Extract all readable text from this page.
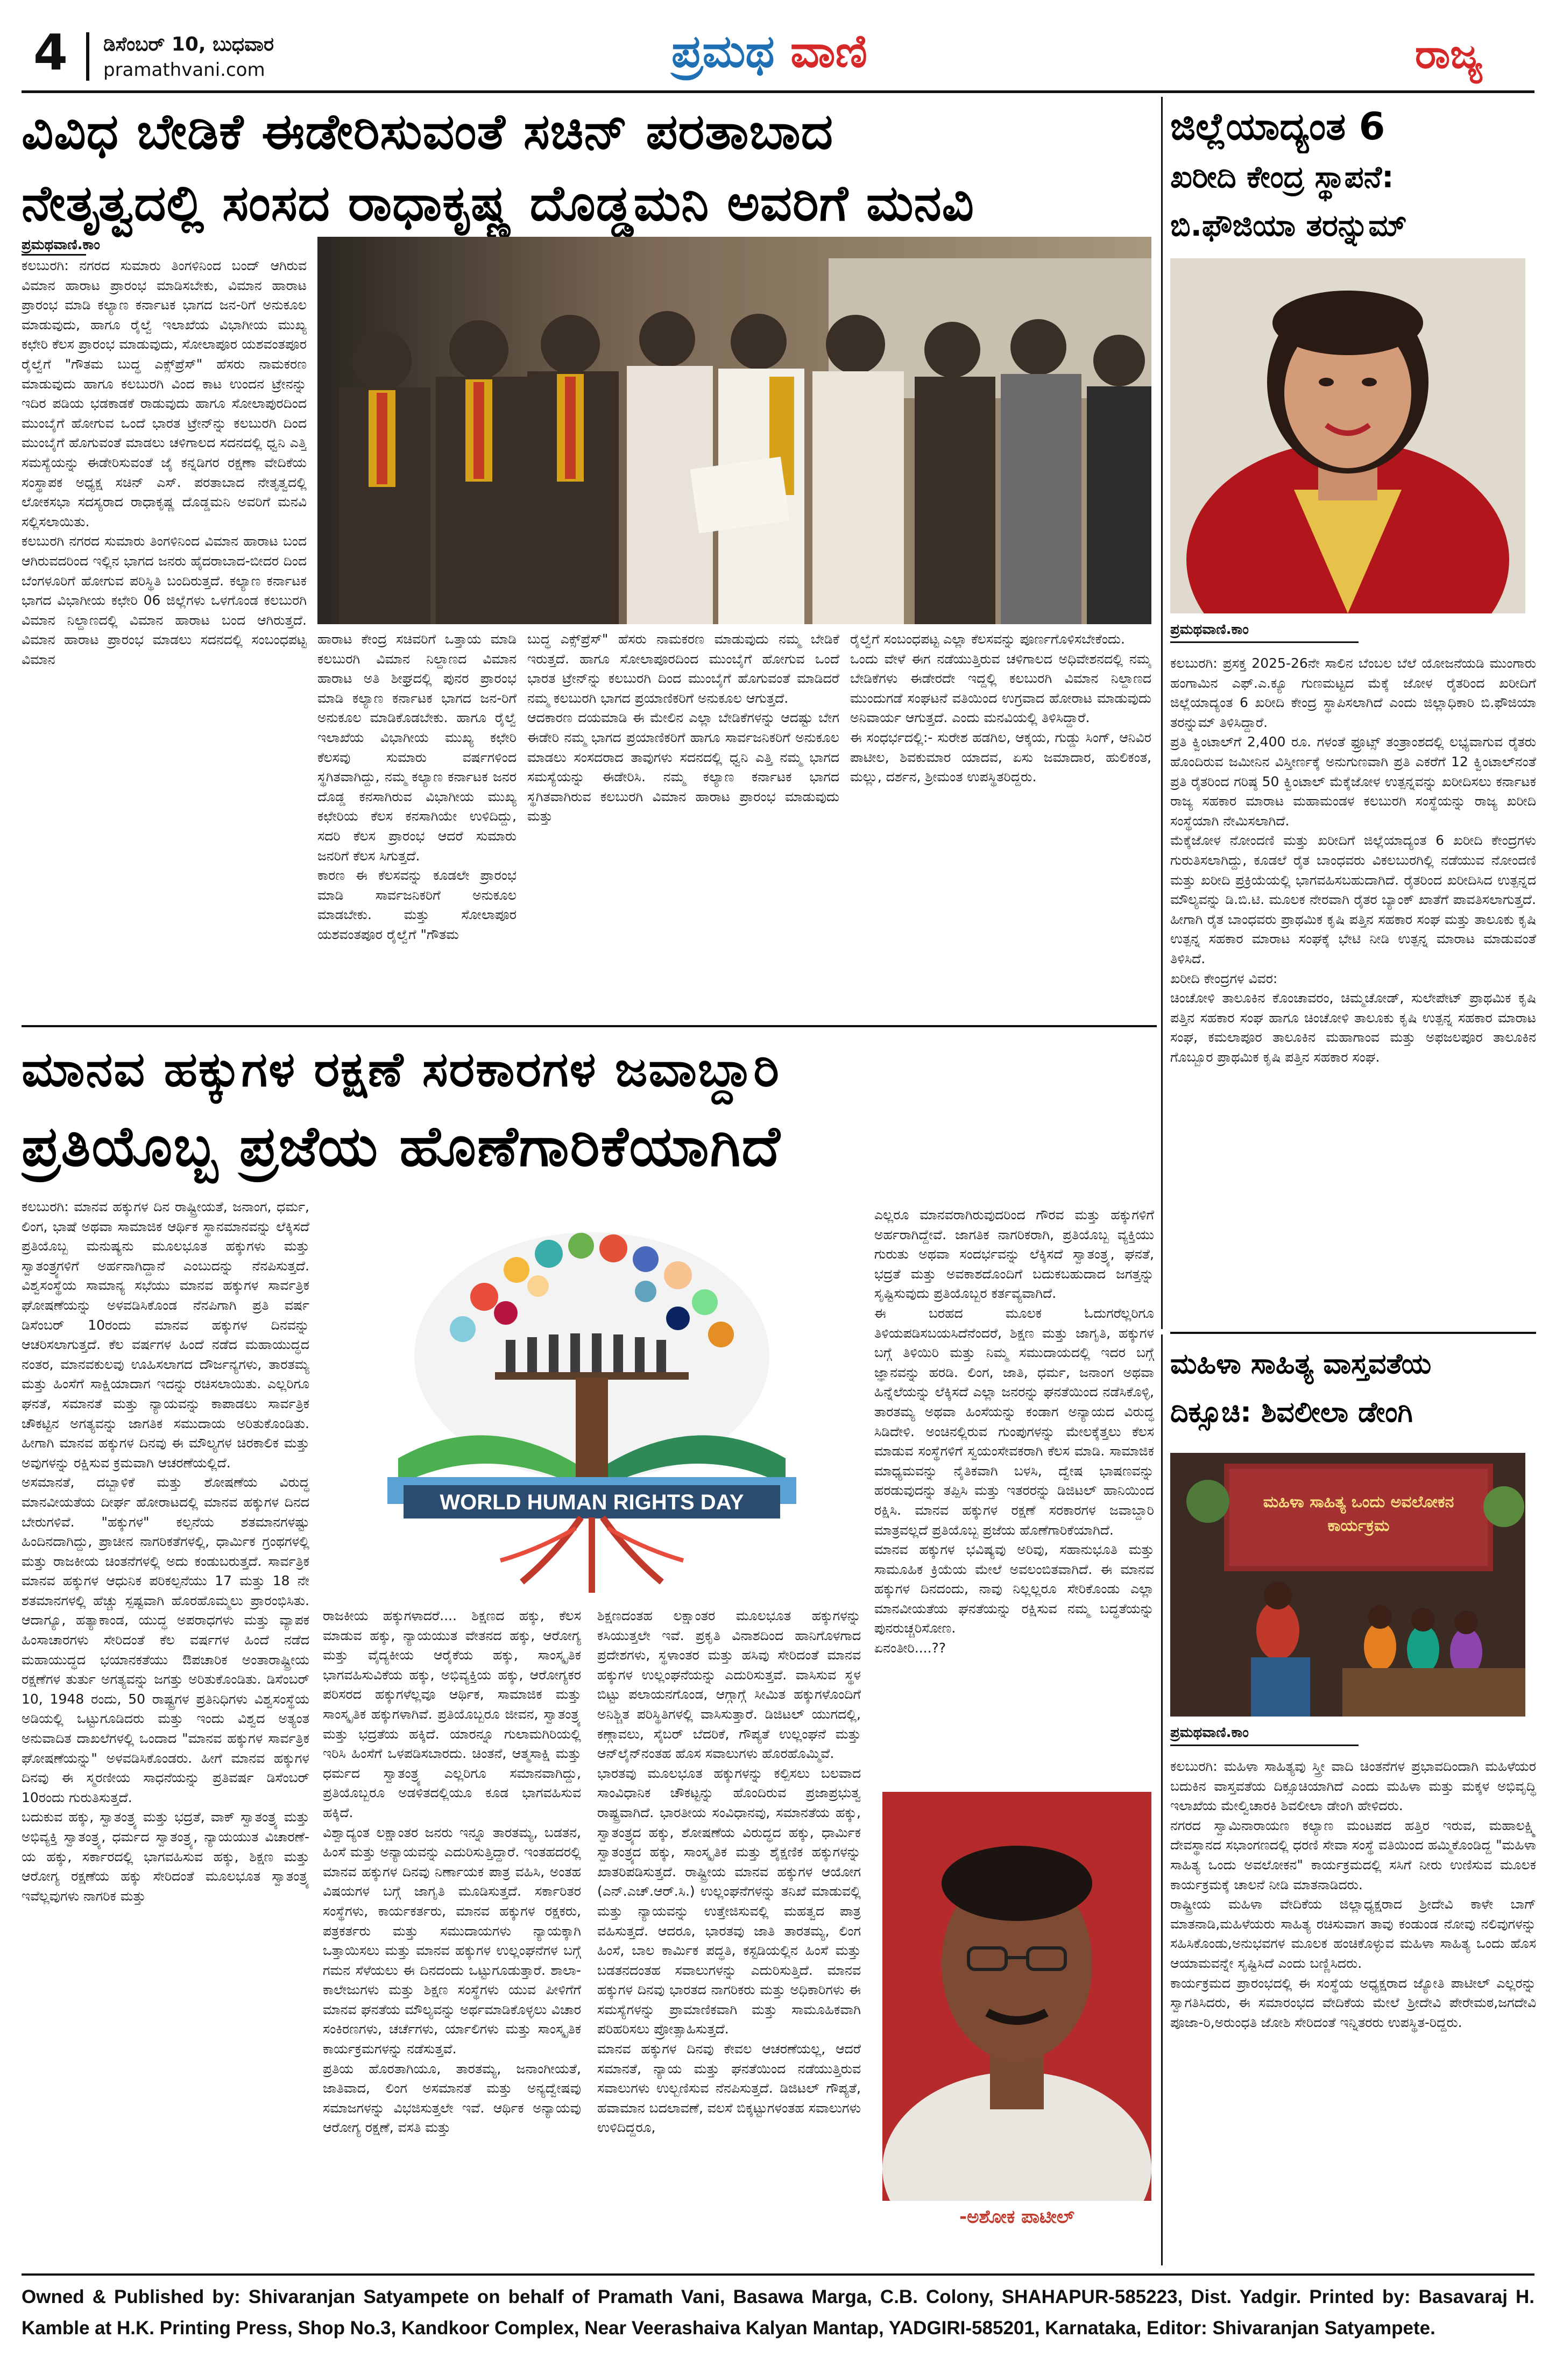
4 ಡಿಸೆಂಬರ್ 10, ಬುಧವಾರ
pramathvani.com	ಪ್ರಮಥ ವಾಣಿ	ರಾಜ್ಯ
ವಿವಿಧ ಬೇಡಿಕೆ ಈಡೇರಿಸುವಂತೆ ಸಚಿನ್ ಪರತಾಬಾದ
ನೇತೃತ್ವದಲ್ಲಿ ಸಂಸದ ರಾಧಾಕೃಷ್ಣ ದೊಡ್ಡಮನಿ ಅವರಿಗೆ ಮನವಿ
ಪ್ರಮಥವಾಣಿ.ಕಾಂ
ಕಲಬುರಗಿ: ನಗರದ ಸುಮಾರು ತಿಂಗಳಿನಿಂದ ಬಂದ್ ಆಗಿರುವ ವಿಮಾನ ಹಾರಾಟ ಪ್ರಾರಂಭ ಮಾಡಿಸಬೇಕು, ವಿಮಾನ ಹಾರಾಟ ಪ್ರಾರಂಭ ಮಾಡಿ ಕಲ್ಯಾಣ ಕರ್ನಾಟಕ ಭಾಗದ ಜನ-ರಿಗೆ ಅನುಕೂಲ ಮಾಡುವುದು, ಹಾಗೂ ರೈಲ್ವೆ ಇಲಾಖೆಯ ವಿಭಾಗೀಯ ಮುಖ್ಯ ಕಛೇರಿ ಕೆಲಸ ಪ್ರಾರಂಭ ಮಾಡುವುದು, ಸೋಲಾಪೂರ ಯಶವಂತಪೂರ ರೈಲ್ವೆಗೆ "ಗೌತಮ ಬುದ್ಧ ಎಕ್ಸ್‌ಪ್ರೆಸ್" ಹೆಸರು ನಾಮಕರಣ ಮಾಡುವುದು ಹಾಗೂ ಕಲಬುರಗಿ ವಿಂದ ಕಾಟ ಉಂದನ ಟ್ರೇನನ್ನು ಇದಿರ ಪಡಿಯ ಭಡಕಾಡಕೆ ರಾಡುವುದು ಹಾಗೂ ಸೋಲಾಪುರದಿಂದ ಮುಂಬೈಗೆ ಹೋಗುವ ಒಂದೆ ಭಾರತ ಟ್ರೇನ್‌ನ್ನು ಕಲಬುರಗಿ ದಿಂದ ಮುಂಬೈಗೆ ಹೊಗುವಂತೆ ಮಾಡಲು ಚಳಿಗಾಲದ ಸದನದಲ್ಲಿ ಧ್ವನಿ ಎತ್ತಿ ಸಮಸ್ಯೆಯನ್ನು ಈಡೇರಿಸುವಂತೆ ಜೈ ಕನ್ನಡಿಗರ ರಕ್ಷಣಾ ವೇದಿಕೆಯ ಸಂಸ್ಥಾಪಕ ಅಧ್ಯಕ್ಷ ಸಚಿನ್ ಎಸ್. ಪರತಾಬಾದ ನೇತೃತ್ವದಲ್ಲಿ ಲೋಕಸಭಾ ಸದಸ್ಯರಾದ ರಾಧಾಕೃಷ್ಣ ದೊಡ್ಡಮನಿ ಅವರಿಗೆ ಮನವಿ ಸಲ್ಲಿಸಲಾಯಿತು.
ಕಲಬುರಗಿ ನಗರದ ಸುಮಾರು ತಿಂಗಳಿನಿಂದ ವಿಮಾನ ಹಾರಾಟ ಬಂದ ಆಗಿರುವದರಿಂದ ಇಲ್ಲಿನ ಭಾಗದ ಜನರು ಹೈದರಾಬಾದ-ಬೀದರ ದಿಂದ ಬೆಂಗಳೂರಿಗೆ ಹೋಗುವ ಪರಿಸ್ಥಿತಿ ಬಂದಿರುತ್ತದೆ. ಕಲ್ಯಾಣ ಕರ್ನಾಟಕ ಭಾಗದ ವಿಭಾಗೀಯ ಕಛೇರಿ 06 ಜಿಲ್ಲೆಗಳು ಒಳಗೊಂಡ ಕಲಬುರಗಿ ವಿಮಾನ ನಿಲ್ದಾಣದಲ್ಲಿ ವಿಮಾನ ಹಾರಾಟ ಬಂದ ಆಗಿರುತ್ತದೆ. ವಿಮಾನ ಹಾರಾಟ ಪ್ರಾರಂಭ ಮಾಡಲು ಸದನದಲ್ಲಿ ಸಂಬಂಧಪಟ್ಟ ವಿಮಾನ
ಹಾರಾಟ ಕೇಂದ್ರ ಸಚಿವರಿಗೆ ಒತ್ತಾಯ ಮಾಡಿ ಕಲಬುರಗಿ ವಿಮಾನ ನಿಲ್ದಾಣದ ವಿಮಾನ ಹಾರಾಟ ಅತಿ ಶೀಘ್ರದಲ್ಲಿ ಪುನರ ಪ್ರಾರಂಭ ಮಾಡಿ ಕಲ್ಯಾಣ ಕರ್ನಾಟಕ ಭಾಗದ ಜನ-ರಿಗೆ ಅನುಕೂಲ ಮಾಡಿಕೊಡಬೇಕು. ಹಾಗೂ ರೈಲ್ವೆ ಇಲಾಖೆಯ ವಿಭಾಗೀಯ ಮುಖ್ಯ ಕಛೇರಿ ಕೆಲಸವು ಸುಮಾರು ವರ್ಷಗಳಿಂದ ಸ್ಥಗಿತವಾಗಿದ್ದು, ನಮ್ಮ ಕಲ್ಯಾಣ ಕರ್ನಾಟಕ ಜನರ ದೊಡ್ಡ ಕನಸಾಗಿರುವ ವಿಭಾಗೀಯ ಮುಖ್ಯ ಕಛೇರಿಯ ಕೆಲಸ ಕನಸಾಗಿಯೇ ಉಳಿದಿದ್ದು, ಸದರಿ ಕೆಲಸ ಪ್ರಾರಂಭ ಆದರೆ ಸುಮಾರು ಜನರಿಗೆ ಕೆಲಸ ಸಿಗುತ್ತದೆ.
ಕಾರಣ ಈ ಕೆಲಸವನ್ನು ಕೂಡಲೇ ಪ್ರಾರಂಭ ಮಾಡಿ ಸಾರ್ವಜನಿಕರಿಗೆ ಅನುಕೂಲ ಮಾಡಬೇಕು. ಮತ್ತು ಸೋಲಾಪೂರ ಯಶವಂತಪೂರ ರೈಲ್ವೆಗೆ "ಗೌತಮ
ಬುದ್ಧ ಎಕ್ಸ್‌ಪ್ರೆಸ್" ಹೆಸರು ನಾಮಕರಣ ಮಾಡುವುದು ನಮ್ಮ ಬೇಡಿಕೆ ಇರುತ್ತದೆ. ಹಾಗೂ ಸೋಲಾಪೂರದಿಂದ ಮುಂಬೈಗೆ ಹೋಗುವ ಒಂದೆ ಭಾರತ ಟ್ರೇನ್‌ನ್ನು ಕಲಬುರಗಿ ದಿಂದ ಮುಂಬೈಗೆ ಹೊಗುವಂತೆ ಮಾಡಿದರೆ ನಮ್ಮ ಕಲಬುರಗಿ ಭಾಗದ ಪ್ರಯಾಣಿಕರಿಗೆ ಅನುಕೂಲ ಆಗುತ್ತದೆ.
ಆದಕಾರಣ ದಯಮಾಡಿ ಈ ಮೇಲಿನ ಎಲ್ಲಾ ಬೇಡಿಕೆಗಳನ್ನು ಆದಷ್ಟು ಬೇಗ ಈಡೇರಿ ನಮ್ಮ ಭಾಗದ ಪ್ರಯಾಣಿಕರಿಗೆ ಹಾಗೂ ಸಾರ್ವಜನಿಕರಿಗೆ ಅನುಕೂಲ ಮಾಡಲು ಸಂಸದರಾದ ತಾವುಗಳು ಸದನದಲ್ಲಿ ಧ್ವನಿ ಎತ್ತಿ ನಮ್ಮ ಭಾಗದ ಸಮಸ್ಯೆಯನ್ನು ಈಡೇರಿಸಿ. ನಮ್ಮ ಕಲ್ಯಾಣ ಕರ್ನಾಟಕ ಭಾಗದ ಸ್ಥಗಿತವಾಗಿರುವ ಕಲಬುರಗಿ ವಿಮಾನ ಹಾರಾಟ ಪ್ರಾರಂಭ ಮಾಡುವುದು ಮತ್ತು
ರೈಲ್ವೆಗೆ ಸಂಬಂಧಪಟ್ಟ ಎಲ್ಲಾ ಕೆಲಸವನ್ನು ಪೂರ್ಣಗೊಳಿಸಬೇಕೆಂದು.
ಒಂದು ವೇಳೆ ಈಗ ನಡೆಯುತ್ತಿರುವ ಚಳಿಗಾಲದ ಅಧಿವೇಶನದಲ್ಲಿ ನಮ್ಮ ಬೇಡಿಕೆಗಳು ಈಡೇರದೇ ಇದ್ದಲ್ಲಿ ಕಲಬುರಗಿ ವಿಮಾನ ನಿಲ್ದಾಣದ ಮುಂದುಗಡೆ ಸಂಘಟನೆ ವತಿಯಿಂದ ಉಗ್ರವಾದ ಹೋರಾಟ ಮಾಡುವುದು ಅನಿವಾರ್ಯ ಆಗುತ್ತದೆ. ಎಂದು ಮನವಿಯಲ್ಲಿ ತಿಳಿಸಿದ್ದಾರೆ.
ಈ ಸಂಧರ್ಭದಲ್ಲಿ:- ಸುರೇಶ ಹಡಗಿಲ, ಆಕ್ಕಯ, ಗುಡ್ಡು ಸಿಂಗ್, ಆನಿವಿರ ಪಾಟೀಲ, ಶಿವಕುಮಾರ ಯಾದವ, ಏಸು ಜಮಾದಾರ, ಹುಲಿಕಂತ, ಮಲ್ಲು, ದರ್ಶನ, ಶ್ರೀಮಂತ ಉಪಸ್ಥಿತರಿದ್ದರು.
ಜಿಲ್ಲೆಯಾದ್ಯಂತ 6
ಖರೀದಿ ಕೇಂದ್ರ ಸ್ಥಾಪನೆ:
ಬಿ.ಫೌಜಿಯಾ ತರನ್ನುಮ್
ಪ್ರಮಥವಾಣಿ.ಕಾಂ
ಕಲಬುರಗಿ: ಪ್ರಸಕ್ತ 2025-26ನೇ ಸಾಲಿನ ಬೆಂಬಲ ಬೆಲೆ ಯೋಜನೆಯಡಿ ಮುಂಗಾರು ಹಂಗಾಮಿನ ಎಫ್.ಎ.ಕ್ಯೂ ಗುಣಮಟ್ಟದ ಮೆಕ್ಕೆ ಜೋಳ ರೈತರಿಂದ ಖರೀದಿಗೆ ಜಿಲ್ಲೆಯಾದ್ಯಂತ 6 ಖರೀದಿ ಕೇಂದ್ರ ಸ್ಥಾಪಿಸಲಾಗಿದೆ ಎಂದು ಜಿಲ್ಲಾಧಿಕಾರಿ ಬಿ.ಫೌಜಿಯಾ ತರನ್ನುಮ್ ತಿಳಿಸಿದ್ದಾರೆ.
ಪ್ರತಿ ಕ್ವಿಂಟಾಲ್‌ಗೆ 2,400 ರೂ. ಗಳಂತೆ ಫ್ರೂಟ್ಸ್ ತಂತ್ರಾಂಶದಲ್ಲಿ ಲಭ್ಯವಾಗುವ ರೈತರು ಹೊಂದಿರುವ ಜಮೀನಿನ ವಿಸ್ತೀರ್ಣಕ್ಕೆ ಅನುಗುಣವಾಗಿ ಪ್ರತಿ ಎಕರೆಗೆ 12 ಕ್ವಿಂಟಾಲ್‌ನಂತೆ ಪ್ರತಿ ರೈತರಿಂದ ಗರಿಷ್ಠ 50 ಕ್ವಿಂಟಾಲ್ ಮೆಕ್ಕೆಜೋಳ ಉತ್ಪನ್ನವನ್ನು ಖರೀದಿಸಲು ಕರ್ನಾಟಕ ರಾಜ್ಯ ಸಹಕಾರ ಮಾರಾಟ ಮಹಾಮಂಡಳ ಕಲಬುರಗಿ ಸಂಸ್ಥೆಯನ್ನು ರಾಜ್ಯ ಖರೀದಿ ಸಂಸ್ಥೆಯಾಗಿ ನೇಮಿಸಲಾಗಿದೆ.
ಮೆಕ್ಕೆಜೋಳ ನೋಂದಣಿ ಮತ್ತು ಖರೀದಿಗೆ ಜಿಲ್ಲೆಯಾದ್ಯಂತ 6 ಖರೀದಿ ಕೇಂದ್ರಗಳು ಗುರುತಿಸಲಾಗಿದ್ದು, ಕೂಡಲೆ ರೈತ ಬಾಂಧವರು ವಿಕಲಬುರಗಿಲ್ಲಿ ನಡೆಯುವ ನೋಂದಣಿ ಮತ್ತು ಖರೀದಿ ಪ್ರಕ್ರಿಯೆಯಲ್ಲಿ ಭಾಗವಹಿಸಬಹುದಾಗಿದೆ. ರೈತರಿಂದ ಖರೀದಿಸಿದ ಉತ್ಪನ್ನದ ಮೌಲ್ಯವನ್ನು ಡಿ.ಬಿ.ಟಿ. ಮೂಲಕ ನೇರವಾಗಿ ರೈತರ ಬ್ಯಾಂಕ್ ಖಾತೆಗೆ ಪಾವತಿಸಲಾಗುತ್ತದೆ. ಹೀಗಾಗಿ ರೈತ ಬಾಂಧವರು ಪ್ರಾಥಮಿಕ ಕೃಷಿ ಪತ್ತಿನ ಸಹಕಾರ ಸಂಘ ಮತ್ತು ತಾಲೂಕು ಕೃಷಿ ಉತ್ಪನ್ನ ಸಹಕಾರ ಮಾರಾಟ ಸಂಘಕ್ಕೆ ಭೇಟಿ ನೀಡಿ ಉತ್ಪನ್ನ ಮಾರಾಟ ಮಾಡುವಂತೆ ತಿಳಿಸಿದೆ.
ಖರೀದಿ ಕೇಂದ್ರಗಳ ವಿವರ:
ಚಿಂಚೋಳಿ ತಾಲೂಕಿನ ಕೊಂಚಾವರಂ, ಚಿಮ್ಮಚೋಡ್, ಸುಲೇಪೇಟ್ ಪ್ರಾಥಮಿಕ ಕೃಷಿ ಪತ್ತಿನ ಸಹಕಾರ ಸಂಘ ಹಾಗೂ ಚಿಂಚೋಳಿ ತಾಲೂಕು ಕೃಷಿ ಉತ್ಪನ್ನ ಸಹಕಾರ ಮಾರಾಟ ಸಂಘ, ಕಮಲಾಪೂರ ತಾಲೂಕಿನ ಮಹಾಗಾಂವ ಮತ್ತು ಅಫಜಲಪೂರ ತಾಲೂಕಿನ ಗೊಬ್ಬೂರ ಪ್ರಾಥಮಿಕ ಕೃಷಿ ಪತ್ತಿನ ಸಹಕಾರ ಸಂಘ.
ಮಾನವ ಹಕ್ಕುಗಳ ರಕ್ಷಣೆ ಸರಕಾರಗಳ ಜವಾಬ್ದಾರಿ
ಪ್ರತಿಯೊಬ್ಬ ಪ್ರಜೆಯ ಹೊಣೆಗಾರಿಕೆಯಾಗಿದೆ
ಕಲಬುರಗಿ: ಮಾನವ ಹಕ್ಕುಗಳ ದಿನ ರಾಷ್ಟ್ರೀಯತೆ, ಜನಾಂಗ, ಧರ್ಮ, ಲಿಂಗ, ಭಾಷೆ ಅಥವಾ ಸಾಮಾಜಿಕ ಆರ್ಥಿಕ ಸ್ಥಾನಮಾನವನ್ನು ಲೆಕ್ಕಿಸದೆ ಪ್ರತಿಯೊಬ್ಬ ಮನುಷ್ಯನು ಮೂಲಭೂತ ಹಕ್ಕುಗಳು ಮತ್ತು ಸ್ವಾತಂತ್ರ್ಯಗಳಿಗೆ ಅರ್ಹನಾಗಿದ್ದಾನೆ ಎಂಬುದನ್ನು ನೆನಪಿಸುತ್ತದೆ. ವಿಶ್ವಸಂಸ್ಥೆಯ ಸಾಮಾನ್ಯ ಸಭೆಯು ಮಾನವ ಹಕ್ಕುಗಳ ಸಾರ್ವತ್ರಿಕ ಘೋಷಣೆಯನ್ನು ಅಳವಡಿಸಿಕೊಂಡ ನೆನಪಿಗಾಗಿ ಪ್ರತಿ ವರ್ಷ ಡಿಸೆಂಬರ್ 10ರಂದು ಮಾನವ ಹಕ್ಕುಗಳ ದಿನವನ್ನು ಆಚರಿಸಲಾಗುತ್ತದೆ. ಕೆಲ ವರ್ಷಗಳ ಹಿಂದೆ ನಡೆದ ಮಹಾಯುದ್ಧದ ನಂತರ, ಮಾನವಕುಲವು ಊಹಿಸಲಾಗದ ದೌರ್ಜನ್ಯಗಳು, ತಾರತಮ್ಯ ಮತ್ತು ಹಿಂಸೆಗೆ ಸಾಕ್ಷಿಯಾದಾಗ ಇದನ್ನು ರಚಿಸಲಾಯಿತು. ಎಲ್ಲರಿಗೂ ಘನತೆ, ಸಮಾನತೆ ಮತ್ತು ನ್ಯಾಯವನ್ನು ಕಾಪಾಡಲು ಸಾರ್ವತ್ರಿಕ ಚೌಕಟ್ಟಿನ ಅಗತ್ಯವನ್ನು ಜಾಗತಿಕ ಸಮುದಾಯ ಅರಿತುಕೊಂಡಿತು. ಹೀಗಾಗಿ ಮಾನವ ಹಕ್ಕುಗಳ ದಿನವು ಈ ಮೌಲ್ಯಗಳ ಚಿರಕಾಲಿಕ ಮತ್ತು ಅವುಗಳನ್ನು ರಕ್ಷಿಸುವ ಕ್ರಮವಾಗಿ ಆಚರಣೆಯಲ್ಲಿದೆ.
ಅಸಮಾನತೆ, ದಬ್ಬಾಳಿಕೆ ಮತ್ತು ಶೋಷಣೆಯ ವಿರುದ್ಧ ಮಾನವೀಯತೆಯ ದೀರ್ಘ ಹೋರಾಟದಲ್ಲಿ ಮಾನವ ಹಕ್ಕುಗಳ ದಿನದ ಬೇರುಗಳಿವೆ. "ಹಕ್ಕುಗಳ" ಕಲ್ಪನೆಯ ಶತಮಾನಗಳಷ್ಟು ಹಿಂದಿನದಾಗಿದ್ದು, ಪ್ರಾಚೀನ ನಾಗರಿಕತೆಗಳಲ್ಲಿ, ಧಾರ್ಮಿಕ ಗ್ರಂಥಗಳಲ್ಲಿ ಮತ್ತು ರಾಜಕೀಯ ಚಿಂತನೆಗಳಲ್ಲಿ ಅದು ಕಂಡುಬರುತ್ತದೆ. ಸಾರ್ವತ್ರಿಕ ಮಾನವ ಹಕ್ಕುಗಳ ಆಧುನಿಕ ಪರಿಕಲ್ಪನೆಯು 17 ಮತ್ತು 18 ನೇ ಶತಮಾನಗಳಲ್ಲಿ ಹೆಚ್ಚು ಸ್ಪಷ್ಟವಾಗಿ ಹೊರಹೊಮ್ಮಲು ಪ್ರಾರಂಭಿಸಿತು. ಆದಾಗ್ಯೂ, ಹತ್ಯಾಕಾಂಡ, ಯುದ್ಧ ಅಪರಾಧಗಳು ಮತ್ತು ವ್ಯಾಪಕ ಹಿಂಸಾಚಾರಗಳು ಸೇರಿದಂತೆ ಕೆಲ ವರ್ಷಗಳ ಹಿಂದೆ ನಡೆದ ಮಹಾಯುದ್ಧದ ಭಯಾನಕತೆಯು ಔಪಚಾರಿಕ ಅಂತಾರಾಷ್ಟ್ರೀಯ ರಕ್ಷಣೆಗಳ ತುರ್ತು ಅಗತ್ಯವನ್ನು ಜಗತ್ತು ಅರಿತುಕೊಂಡಿತು. ಡಿಸೆಂಬರ್ 10, 1948 ರಂದು, 50 ರಾಷ್ಟ್ರಗಳ ಪ್ರತಿನಿಧಿಗಳು ವಿಶ್ವಸಂಸ್ಥೆಯ ಅಡಿಯಲ್ಲಿ ಒಟ್ಟುಗೂಡಿದರು ಮತ್ತು ಇಂದು ವಿಶ್ವದ ಅತ್ಯಂತ ಅನುವಾದಿತ ದಾಖಲೆಗಳಲ್ಲಿ ಒಂದಾದ "ಮಾನವ ಹಕ್ಕುಗಳ ಸಾರ್ವತ್ರಿಕ ಘೋಷಣೆಯನ್ನು" ಅಳವಡಿಸಿಕೊಂಡರು. ಹೀಗೆ ಮಾನವ ಹಕ್ಕುಗಳ ದಿನವು ಈ ಸ್ಮರಣೀಯ ಸಾಧನೆಯನ್ನು ಪ್ರತಿವರ್ಷ ಡಿಸೆಂಬರ್ 10ರಂದು ಗುರುತಿಸುತ್ತದೆ.
ಬದುಕುವ ಹಕ್ಕು, ಸ್ವಾತಂತ್ರ್ಯ ಮತ್ತು ಭದ್ರತೆ, ವಾಕ್ ಸ್ವಾತಂತ್ರ್ಯ ಮತ್ತು ಅಭಿವ್ಯಕ್ತಿ ಸ್ವಾತಂತ್ರ್ಯ, ಧರ್ಮದ ಸ್ವಾತಂತ್ರ್ಯ, ನ್ಯಾಯಯುತ ವಿಚಾರಣೆ-ಯ ಹಕ್ಕು, ಸರ್ಕಾರದಲ್ಲಿ ಭಾಗವಹಿಸುವ ಹಕ್ಕು, ಶಿಕ್ಷಣ ಮತ್ತು ಆರೋಗ್ಯ ರಕ್ಷಣೆಯ ಹಕ್ಕು ಸೇರಿದಂತೆ ಮೂಲಭೂತ ಸ್ವಾತಂತ್ರ್ಯ ಇವೆಲ್ಲವುಗಳು ನಾಗರಿಕ ಮತ್ತು
WORLD HUMAN RIGHTS DAY
ರಾಜಕೀಯ ಹಕ್ಕುಗಳಾದರೆ.... ಶಿಕ್ಷಣದ ಹಕ್ಕು, ಕೆಲಸ ಮಾಡುವ ಹಕ್ಕು, ನ್ಯಾಯಯುತ ವೇತನದ ಹಕ್ಕು, ಆರೋಗ್ಯ ಮತ್ತು ವೈದ್ಯಕೀಯ ಆರೈಕೆಯ ಹಕ್ಕು, ಸಾಂಸ್ಕೃತಿಕ ಭಾಗವಹಿಸುವಿಕೆಯ ಹಕ್ಕು, ಅಭಿವ್ಯಕ್ತಿಯ ಹಕ್ಕು, ಆರೋಗ್ಯಕರ ಪರಿಸರದ ಹಕ್ಕುಗಳೆಲ್ಲವೂ ಆರ್ಥಿಕ, ಸಾಮಾಜಿಕ ಮತ್ತು ಸಾಂಸ್ಕೃತಿಕ ಹಕ್ಕುಗಳಾಗಿವೆ. ಪ್ರತಿಯೊಬ್ಬರೂ ಜೀವನ, ಸ್ವಾತಂತ್ರ್ಯ ಮತ್ತು ಭದ್ರತೆಯ ಹಕ್ಕಿದೆ. ಯಾರನ್ನೂ ಗುಲಾಮಗಿರಿಯಲ್ಲಿ ಇರಿಸಿ ಹಿಂಸೆಗೆ ಒಳಪಡಿಸಬಾರದು. ಚಿಂತನೆ, ಆತ್ಮಸಾಕ್ಷಿ ಮತ್ತು ಧರ್ಮದ ಸ್ವಾತಂತ್ರ್ಯ ಎಲ್ಲರಿಗೂ ಸಮಾನವಾಗಿದ್ದು, ಪ್ರತಿಯೊಬ್ಬರೂ ಅಡಳಿತದಲ್ಲಿಯೂ ಕೂಡ ಭಾಗವಹಿಸುವ ಹಕ್ಕಿದೆ.
ವಿಶ್ವಾದ್ಯಂತ ಲಕ್ಷಾಂತರ ಜನರು ಇನ್ನೂ ತಾರತಮ್ಯ, ಬಡತನ, ಹಿಂಸೆ ಮತ್ತು ಅನ್ಯಾಯವನ್ನು ಎದುರಿಸುತ್ತಿದ್ದಾರೆ. ಇಂತಹದರಲ್ಲಿ ಮಾನವ ಹಕ್ಕುಗಳ ದಿನವು ನಿರ್ಣಾಯಕ ಪಾತ್ರ ವಹಿಸಿ, ಅಂತಹ ವಿಷಯಗಳ ಬಗ್ಗೆ ಜಾಗೃತಿ ಮೂಡಿಸುತ್ತದೆ. ಸರ್ಕಾರಿತರ ಸಂಸ್ಥೆಗಳು, ಕಾರ್ಯಕರ್ತರು, ಮಾನವ ಹಕ್ಕುಗಳ ರಕ್ಷಕರು, ಪತ್ರಕರ್ತರು ಮತ್ತು ಸಮುದಾಯಗಳು ನ್ಯಾಯಕ್ಕಾಗಿ ಒತ್ತಾಯಿಸಲು ಮತ್ತು ಮಾನವ ಹಕ್ಕುಗಳ ಉಲ್ಲಂಘನೆಗಳ ಬಗ್ಗೆ ಗಮನ ಸೆಳೆಯಲು ಈ ದಿನದಂದು ಒಟ್ಟುಗೂಡುತ್ತಾರೆ. ಶಾಲಾ-ಕಾಲೇಜುಗಳು ಮತ್ತು ಶಿಕ್ಷಣ ಸಂಸ್ಥೆಗಳು ಯುವ ಪೀಳಿಗೆಗೆ ಮಾನವ ಘನತೆಯ ಮೌಲ್ಯವನ್ನು ಅರ್ಥಮಾಡಿಕೊಳ್ಳಲು ವಿಚಾರ ಸಂಕಿರಣಗಳು, ಚರ್ಚೆಗಳು, ರ್ಯಾಲಿಗಳು ಮತ್ತು ಸಾಂಸ್ಕೃತಿಕ ಕಾರ್ಯಕ್ರಮಗಳನ್ನು ನಡೆಸುತ್ತವೆ.
ಪ್ರತಿಯ ಹೊರತಾಗಿಯೂ, ತಾರತಮ್ಯ, ಜನಾಂಗೀಯತೆ, ಜಾತಿವಾದ, ಲಿಂಗ ಅಸಮಾನತೆ ಮತ್ತು ಅನ್ಯದ್ವೇಷವು ಸಮಾಜಗಳನ್ನು ವಿಭಜಿಸುತ್ತಲೇ ಇವೆ. ಆರ್ಥಿಕ ಅನ್ಯಾಯವು ಆರೋಗ್ಯ ರಕ್ಷಣೆ, ವಸತಿ ಮತ್ತು
ಶಿಕ್ಷಣದಂತಹ ಲಕ್ಷಾಂತರ ಮೂಲಭೂತ ಹಕ್ಕುಗಳನ್ನು ಕಸಿಯುತ್ತಲೇ ಇವೆ. ಪ್ರಕೃತಿ ವಿನಾಶದಿಂದ ಹಾನಿಗೊಳಗಾದ ಪ್ರದೇಶಗಳು, ಸ್ಥಳಾಂತರ ಮತ್ತು ಹಸಿವು ಸೇರಿದಂತೆ ಮಾನವ ಹಕ್ಕುಗಳ ಉಲ್ಲಂಘನೆಯನ್ನು ಎದುರಿಸುತ್ತವೆ. ವಾಸಿಸುವ ಸ್ಥಳ ಬಿಟ್ಟು ಪಲಾಯನಗೊಂಡ, ಆಗ್ಗಾಗ್ಗೆ ಸೀಮಿತ ಹಕ್ಕುಗಳೊಂದಿಗೆ ಅನಿಶ್ಚಿತ ಪರಿಸ್ಥಿತಿಗಳಲ್ಲಿ ವಾಸಿಸುತ್ತಾರೆ. ಡಿಜಿಟಲ್ ಯುಗದಲ್ಲಿ, ಕಣ್ಗಾವಲು, ಸೈಬರ್ ಬೆದರಿಕೆ, ಗೌಪ್ಯತೆ ಉಲ್ಲಂಘನೆ ಮತ್ತು ಆನ್‌ಲೈನ್‌ನಂತಹ ಹೊಸ ಸವಾಲುಗಳು ಹೊರಹೊಮ್ಮಿವೆ.
ಭಾರತವು ಮೂಲಭೂತ ಹಕ್ಕುಗಳನ್ನು ಕಲ್ಪಿಸಲು ಬಲವಾದ ಸಾಂವಿಧಾನಿಕ ಚೌಕಟ್ಟನ್ನು ಹೊಂದಿರುವ ಪ್ರಜಾಪ್ರಭುತ್ವ ರಾಷ್ಟ್ರವಾಗಿದೆ. ಭಾರತೀಯ ಸಂವಿಧಾನವು, ಸಮಾನತೆಯ ಹಕ್ಕು, ಸ್ವಾತಂತ್ರ್ಯದ ಹಕ್ಕು, ಶೋಷಣೆಯ ವಿರುದ್ಧದ ಹಕ್ಕು, ಧಾರ್ಮಿಕ ಸ್ವಾತಂತ್ರ್ಯದ ಹಕ್ಕು, ಸಾಂಸ್ಕೃತಿಕ ಮತ್ತು ಶೈಕ್ಷಣಿಕ ಹಕ್ಕುಗಳನ್ನು ಖಾತರಿಪಡಿಸುತ್ತದೆ. ರಾಷ್ಟ್ರೀಯ ಮಾನವ ಹಕ್ಕುಗಳ ಆಯೋಗ (ಎನ್.ಎಚ್.ಆರ್.ಸಿ.) ಉಲ್ಲಂಘನೆಗಳನ್ನು ತನಿಖೆ ಮಾಡುವಲ್ಲಿ ಮತ್ತು ನ್ಯಾಯವನ್ನು ಉತ್ತೇಜಿಸುವಲ್ಲಿ ಮಹತ್ವದ ಪಾತ್ರ ವಹಿಸುತ್ತದೆ. ಆದರೂ, ಭಾರತವು ಜಾತಿ ತಾರತಮ್ಯ, ಲಿಂಗ ಹಿಂಸೆ, ಬಾಲ ಕಾರ್ಮಿಕ ಪದ್ಧತಿ, ಕಸ್ಟಡಿಯಲ್ಲಿನ ಹಿಂಸೆ ಮತ್ತು ಬಡತನದಂತಹ ಸವಾಲುಗಳನ್ನು ಎದುರಿಸುತ್ತಿದೆ. ಮಾನವ ಹಕ್ಕುಗಳ ದಿನವು ಭಾರತದ ನಾಗರಿಕರು ಮತ್ತು ಅಧಿಕಾರಿಗಳು ಈ ಸಮಸ್ಯೆಗಳನ್ನು ಪ್ರಾಮಾಣಿಕವಾಗಿ ಮತ್ತು ಸಾಮೂಹಿಕವಾಗಿ ಪರಿಹರಿಸಲು ಪ್ರೋತ್ಸಾಹಿಸುತ್ತದೆ.
ಮಾನವ ಹಕ್ಕುಗಳ ದಿನವು ಕೇವಲ ಆಚರಣೆಯಲ್ಲ, ಆದರೆ ಸಮಾನತೆ, ನ್ಯಾಯ ಮತ್ತು ಘನತೆಯಿಂದ ನಡೆಯುತ್ತಿರುವ ಸವಾಲುಗಳು ಉಲ್ಬಣಿಸುವ ನೆನಪಿಸುತ್ತದೆ. ಡಿಜಿಟಲ್ ಗೌಪ್ಯತೆ, ಹವಾಮಾನ ಬದಲಾವಣೆ, ವಲಸೆ ಬಿಕ್ಕಟ್ಟುಗಳಂತಹ ಸವಾಲುಗಳು ಉಳಿದಿದ್ದರೂ,
ಎಲ್ಲರೂ ಮಾನವರಾಗಿರುವುದರಿಂದ ಗೌರವ ಮತ್ತು ಹಕ್ಕುಗಳಿಗೆ ಅರ್ಹರಾಗಿದ್ದೇವೆ. ಜಾಗತಿಕ ನಾಗರಿಕರಾಗಿ, ಪ್ರತಿಯೊಬ್ಬ ವ್ಯಕ್ತಿಯು ಗುರುತು ಅಥವಾ ಸಂದರ್ಭವನ್ನು ಲೆಕ್ಕಿಸದೆ ಸ್ವಾತಂತ್ರ್ಯ, ಘನತೆ, ಭದ್ರತೆ ಮತ್ತು ಅವಕಾಶದೊಂದಿಗೆ ಬದುಕಬಹುದಾದ ಜಗತ್ತನ್ನು ಸೃಷ್ಟಿಸುವುದು ಪ್ರತಿಯೊಬ್ಬರ ಕರ್ತವ್ಯವಾಗಿದೆ.
ಈ ಬರಹದ ಮೂಲಕ ಓದುಗರೆಲ್ಲರಿಗೂ ತಿಳಿಯಪಡಿಸಬಯಸಿದೆನೆಂದರೆ, ಶಿಕ್ಷಣ ಮತ್ತು ಜಾಗೃತಿ, ಹಕ್ಕುಗಳ ಬಗ್ಗೆ ತಿಳಿಯಿರಿ ಮತ್ತು ನಿಮ್ಮ ಸಮುದಾಯದಲ್ಲಿ ಇದರ ಬಗ್ಗೆ ಜ್ಞಾನವನ್ನು ಹರಡಿ. ಲಿಂಗ, ಜಾತಿ, ಧರ್ಮ, ಜನಾಂಗ ಅಥವಾ ಹಿನ್ನೆಲೆಯನ್ನು ಲೆಕ್ಕಿಸದೆ ಎಲ್ಲಾ ಜನರನ್ನು ಘನತೆಯಿಂದ ನಡೆಸಿಕೊಳ್ಳಿ, ತಾರತಮ್ಯ ಅಥವಾ ಹಿಂಸೆಯನ್ನು ಕಂಡಾಗ ಅನ್ಯಾಯದ ವಿರುದ್ಧ ಸಿಡಿದೇಳಿ. ಅಂಚಿನಲ್ಲಿರುವ ಗುಂಪುಗಳನ್ನು ಮೇಲಕ್ಕೆತ್ತಲು ಕೆಲಸ ಮಾಡುವ ಸಂಸ್ಥೆಗಳಿಗೆ ಸ್ವಯಂಸೇವಕರಾಗಿ ಕೆಲಸ ಮಾಡಿ. ಸಾಮಾಜಿಕ ಮಾಧ್ಯಮವನ್ನು ನೈತಿಕವಾಗಿ ಬಳಸಿ, ದ್ವೇಷ ಭಾಷಣವನ್ನು ಹರಡುವುದನ್ನು ತಪ್ಪಿಸಿ ಮತ್ತು ಇತರರನ್ನು ಡಿಜಿಟಲ್ ಹಾನಿಯಿಂದ ರಕ್ಷಿಸಿ. ಮಾನವ ಹಕ್ಕುಗಳ ರಕ್ಷಣೆ ಸರಕಾರಗಳ ಜವಾಬ್ದಾರಿ ಮಾತ್ರವಲ್ಲದೆ ಪ್ರತಿಯೊಬ್ಬ ಪ್ರಜೆಯ ಹೊಣೆಗಾರಿಕೆಯಾಗಿದೆ.
ಮಾನವ ಹಕ್ಕುಗಳ ಭವಿಷ್ಯವು ಅರಿವು, ಸಹಾನುಭೂತಿ ಮತ್ತು ಸಾಮೂಹಿಕ ಕ್ರಿಯೆಯ ಮೇಲೆ ಅವಲಂಬಿತವಾಗಿದೆ. ಈ ಮಾನವ ಹಕ್ಕುಗಳ ದಿನದಂದು, ನಾವು ನಿಲ್ಲಲ್ಲರೂ ಸೇರಿಕೊಂಡು ಎಲ್ಲಾ ಮಾನವೀಯತೆಯ ಘನತೆಯನ್ನು ರಕ್ಷಿಸುವ ನಮ್ಮ ಬದ್ಧತೆಯನ್ನು ಪುನರುಚ್ಚರಿಸೋಣ.
ಏನಂತೀರಿ....??
-ಅಶೋಕ ಪಾಟೀಲ್
ಮಹಿಳಾ ಸಾಹಿತ್ಯ ವಾಸ್ತವತೆಯ
ದಿಕ್ಸೂಚಿ: ಶಿವಲೀಲಾ ಡೇಂಗಿ
ಮಹಿಳಾ ಸಾಹಿತ್ಯ ಒಂದು ಅವಲೋಕನ ಕಾರ್ಯಕ್ರಮ
ಪ್ರಮಥವಾಣಿ.ಕಾಂ
ಕಲಬುರಗಿ: ಮಹಿಳಾ ಸಾಹಿತ್ಯವು ಸ್ತ್ರೀ ವಾದಿ ಚಿಂತನೆಗಳ ಪ್ರಭಾವದಿಂದಾಗಿ ಮಹಿಳೆಯರ ಬದುಕಿನ ವಾಸ್ತವತೆಯ ದಿಕ್ಸೂಚಿಯಾಗಿದೆ ಎಂದು ಮಹಿಳಾ ಮತ್ತು ಮಕ್ಕಳ ಅಭಿವೃದ್ಧಿ ಇಲಾಖೆಯ ಮೇಲ್ವಿಚಾರಕಿ ಶಿವಲೀಲಾ ಡೇಂಗಿ ಹೇಳಿದರು.
ನಗರದ ಸ್ವಾಮಿನಾರಾಯಣ ಕಲ್ಯಾಣ ಮಂಟಪದ ಹತ್ತಿರ ಇರುವ, ಮಹಾಲಕ್ಷ್ಮಿ ದೇವಸ್ಥಾನದ ಸಭಾಂಗಣದಲ್ಲಿ ಧರಣಿ ಸೇವಾ ಸಂಸ್ಥೆ ವತಿಯಿಂದ ಹಮ್ಮಿಕೊಂಡಿದ್ದ "ಮಹಿಳಾ ಸಾಹಿತ್ಯ ಒಂದು ಅವಲೋಕನ" ಕಾರ್ಯಕ್ರಮದಲ್ಲಿ ಸಸಿಗೆ ನೀರು ಉಣಿಸುವ ಮೂಲಕ ಕಾರ್ಯಕ್ರಮಕ್ಕೆ ಚಾಲನೆ ನೀಡಿ ಮಾತನಾಡಿದರು.
ರಾಷ್ಟ್ರೀಯ ಮಹಿಳಾ ವೇದಿಕೆಯ ಜಿಲ್ಲಾಧ್ಯಕ್ಷರಾದ ಶ್ರೀದೇವಿ ಕಾಳೇ ಬಾಗ್ ಮಾತನಾಡಿ,ಮಹಿಳೆಯರು ಸಾಹಿತ್ಯ ರಚಿಸುವಾಗ ತಾವು ಕಂಡುಂಡ ನೋವು ನಲಿವುಗಳನ್ನು ಸಹಿಸಿಕೊಂಡು,ಅನುಭವಗಳ ಮೂಲಕ ಹಂಚಿಕೊಳ್ಳುವ ಮಹಿಳಾ ಸಾಹಿತ್ಯ ಒಂದು ಹೊಸ ಆಯಾಮವನ್ನೇ ಸೃಷ್ಟಿಸಿದೆ ಎಂದು ಬಣ್ಣಿಸಿದರು.
ಕಾರ್ಯಕ್ರಮದ ಪ್ರಾರಂಭದಲ್ಲಿ ಈ ಸಂಸ್ಥೆಯ ಅಧ್ಯಕ್ಷರಾದ ಜ್ಯೋತಿ ಪಾಟೀಲ್ ಎಲ್ಲರನ್ನು ಸ್ವಾಗತಿಸಿದರು, ಈ ಸಮಾರಂಭದ ವೇದಿಕೆಯ ಮೇಲೆ ಶ್ರೀದೇವಿ ಪೇರೇಮಠ,ಜಗದೇವಿ ಪೂಜಾ-ರಿ,ಅರುಂಧತಿ ಜೋಶಿ ಸೇರಿದಂತೆ ಇನ್ನಿತರರು ಉಪಸ್ಥಿತ-ರಿದ್ದರು.
Owned & Published by: Shivaranjan Satyampete on behalf of Pramath Vani, Basawa Marga, C.B. Colony, SHAHAPUR-585223, Dist. Yadgir. Printed by: Basavaraj H. Kamble at H.K. Printing Press, Shop No.3, Kandkoor Complex, Near Veerashaiva Kalyan Mantap, YADGIRI-585201, Karnataka, Editor: Shivaranjan Satyampete.
